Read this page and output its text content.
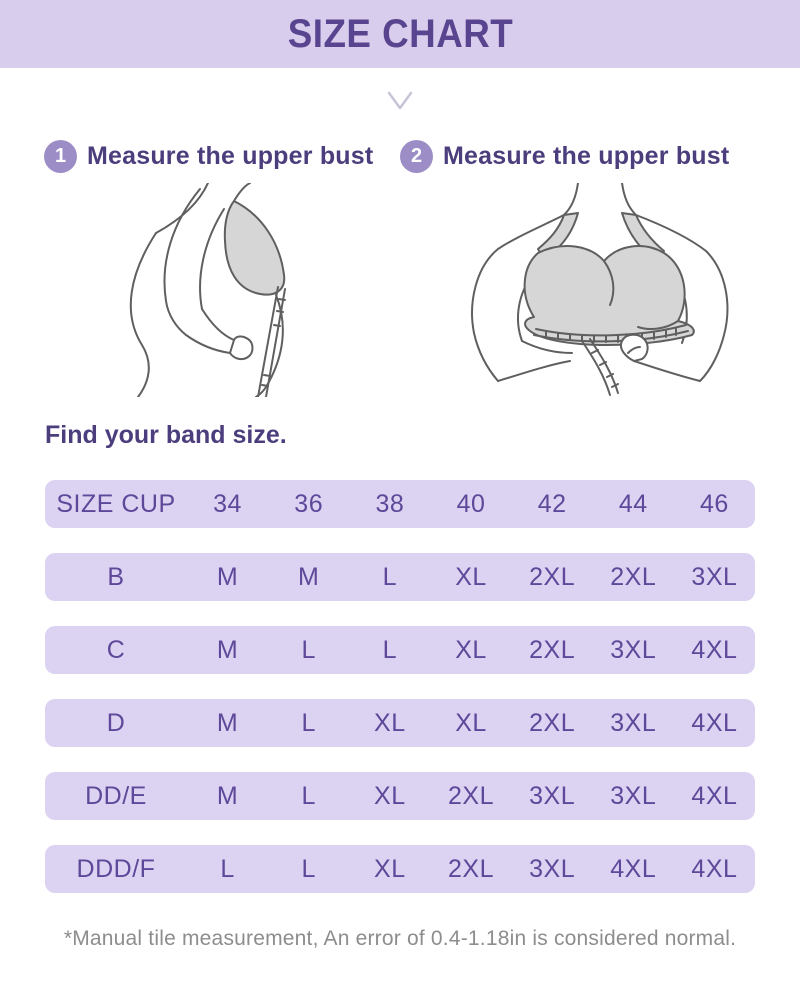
SIZE CHART
1 Measure the upper bust	2 Measure the upper bust
Find your band size.
SIZE CUP	34	36	38	40	42	44	46
B	M	M	L	XL	2XL	2XL	3XL
C	M	L	L	XL	2XL	3XL	4XL
D	M	L	XL	XL	2XL	3XL	4XL
DD/E	M	L	XL	2XL	3XL	3XL	4XL
DDD/F	L	L	XL	2XL	3XL	4XL	4XL
*Manual tile measurement, An error of 0.4-1.18in is considered normal.
